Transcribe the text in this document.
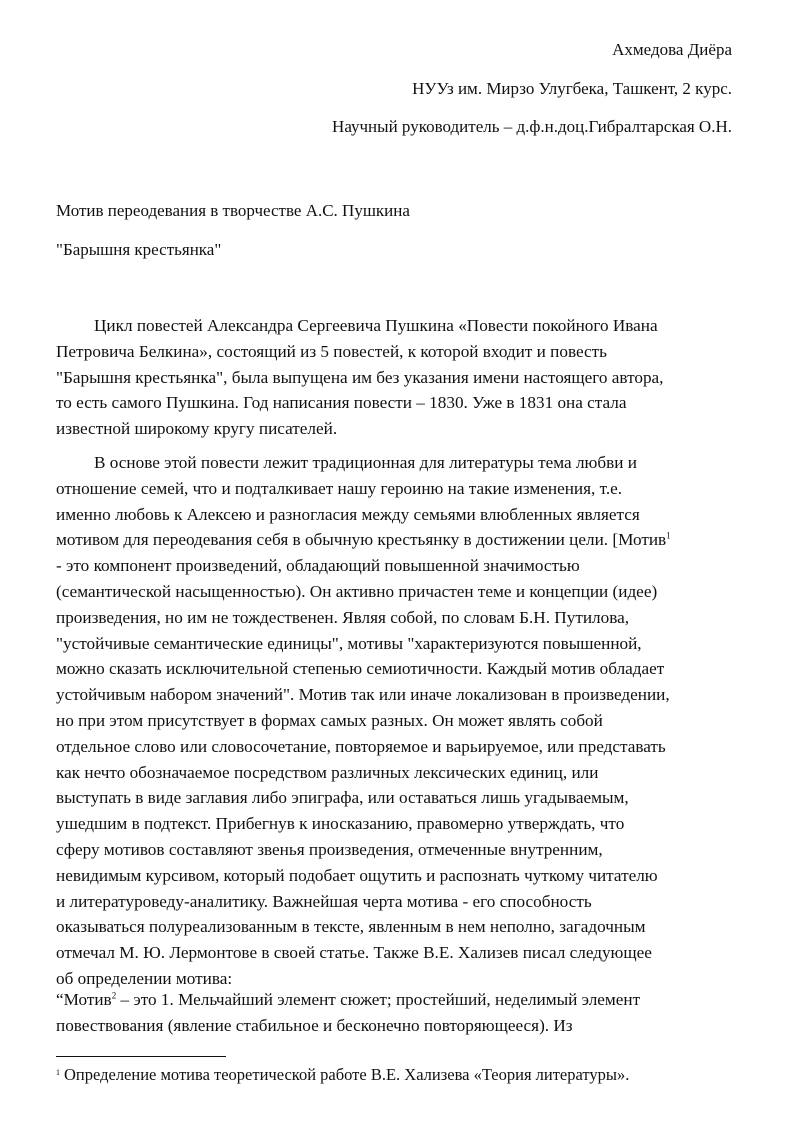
Ахмедова Диёра
НУУз им. Мирзо Улугбека, Ташкент, 2 курс.
Научный руководитель – д.ф.н.доц.Гибралтарская О.Н.
Мотив переодевания в творчестве А.С. Пушкина
"Барышня крестьянка"
Цикл повестей Александра Сергеевича Пушкина «Повести покойного Ивана
Петровича Белкина», состоящий из 5 повестей, к которой входит и повесть
"Барышня крестьянка", была выпущена им без указания имени настоящего автора,
то есть самого Пушкина. Год написания повести – 1830. Уже в 1831 она стала
известной широкому кругу писателей.
В основе этой повести лежит традиционная для литературы тема любви и
отношение семей, что и подталкивает нашу героиню на такие изменения, т.е.
именно любовь к Алексею и разногласия между семьями влюбленных является
мотивом для переодевания себя в обычную крестьянку в достижении цели. [Мотив$^1$
- это компонент произведений, обладающий повышенной значимостью
(семантической насыщенностью). Он активно причастен теме и концепции (идее)
произведения, но им не тождественен. Являя собой, по словам Б.Н. Путилова,
"устойчивые семантические единицы", мотивы "характеризуются повышенной,
можно сказать исключительной степенью семиотичности. Каждый мотив обладает
устойчивым набором значений". Мотив так или иначе локализован в произведении,
но при этом присутствует в формах самых разных. Он может являть собой
отдельное слово или словосочетание, повторяемое и варьируемое, или представать
как нечто обозначаемое посредством различных лексических единиц, или
выступать в виде заглавия либо эпиграфа, или оставаться лишь угадываемым,
ушедшим в подтекст. Прибегнув к иносказанию, правомерно утверждать, что
сферу мотивов составляют звенья произведения, отмеченные внутренним,
невидимым курсивом, который подобает ощутить и распознать чуткому читателю
и литературоведу-аналитику. Важнейшая черта мотива - его способность
оказываться полуреализованным в тексте, явленным в нем неполно, загадочным
отмечал М. Ю. Лермонтове в своей статье. Также В.Е. Хализев писал следующее
об определении мотива:
“Мотив$^2$ – это 1. Мельчайший элемент сюжет; простейший, неделимый элемент
повествования (явление стабильное и бесконечно повторяющееся). Из
$^1$ Определение мотива теоретической работе В.Е. Хализева «Теория литературы».
